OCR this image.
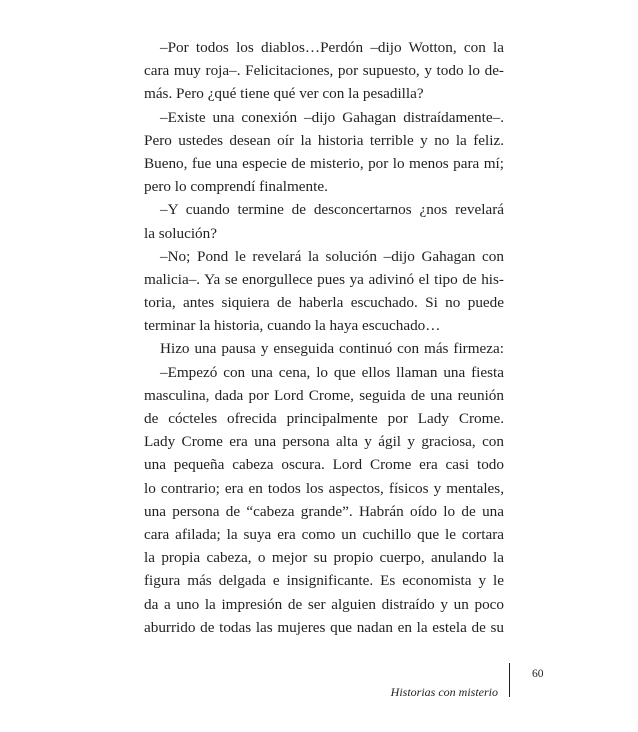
–Por todos los diablos…Perdón –dijo Wotton, con la
cara muy roja–. Felicitaciones, por supuesto, y todo lo de-
más. Pero ¿qué tiene qué ver con la pesadilla?
–Existe una conexión –dijo Gahagan distraídamente–.
Pero ustedes desean oír la historia terrible y no la feliz.
Bueno, fue una especie de misterio, por lo menos para mí;
pero lo comprendí finalmente.
–Y cuando termine de desconcertarnos ¿nos revelará
la solución?
–No; Pond le revelará la solución –dijo Gahagan con
malicia–. Ya se enorgullece pues ya adivinó el tipo de his-
toria, antes siquiera de haberla escuchado. Si no puede
terminar la historia, cuando la haya escuchado…
Hizo una pausa y enseguida continuó con más firmeza:
–Empezó con una cena, lo que ellos llaman una fiesta
masculina, dada por Lord Crome, seguida de una reunión
de cócteles ofrecida principalmente por Lady Crome.
Lady Crome era una persona alta y ágil y graciosa, con
una pequeña cabeza oscura. Lord Crome era casi todo
lo contrario; era en todos los aspectos, físicos y mentales,
una persona de “cabeza grande”. Habrán oído lo de una
cara afilada; la suya era como un cuchillo que le cortara
la propia cabeza, o mejor su propio cuerpo, anulando la
figura más delgada e insignificante. Es economista y le
da a uno la impresión de ser alguien distraído y un poco
aburrido de todas las mujeres que nadan en la estela de su
60
Historias con misterio
